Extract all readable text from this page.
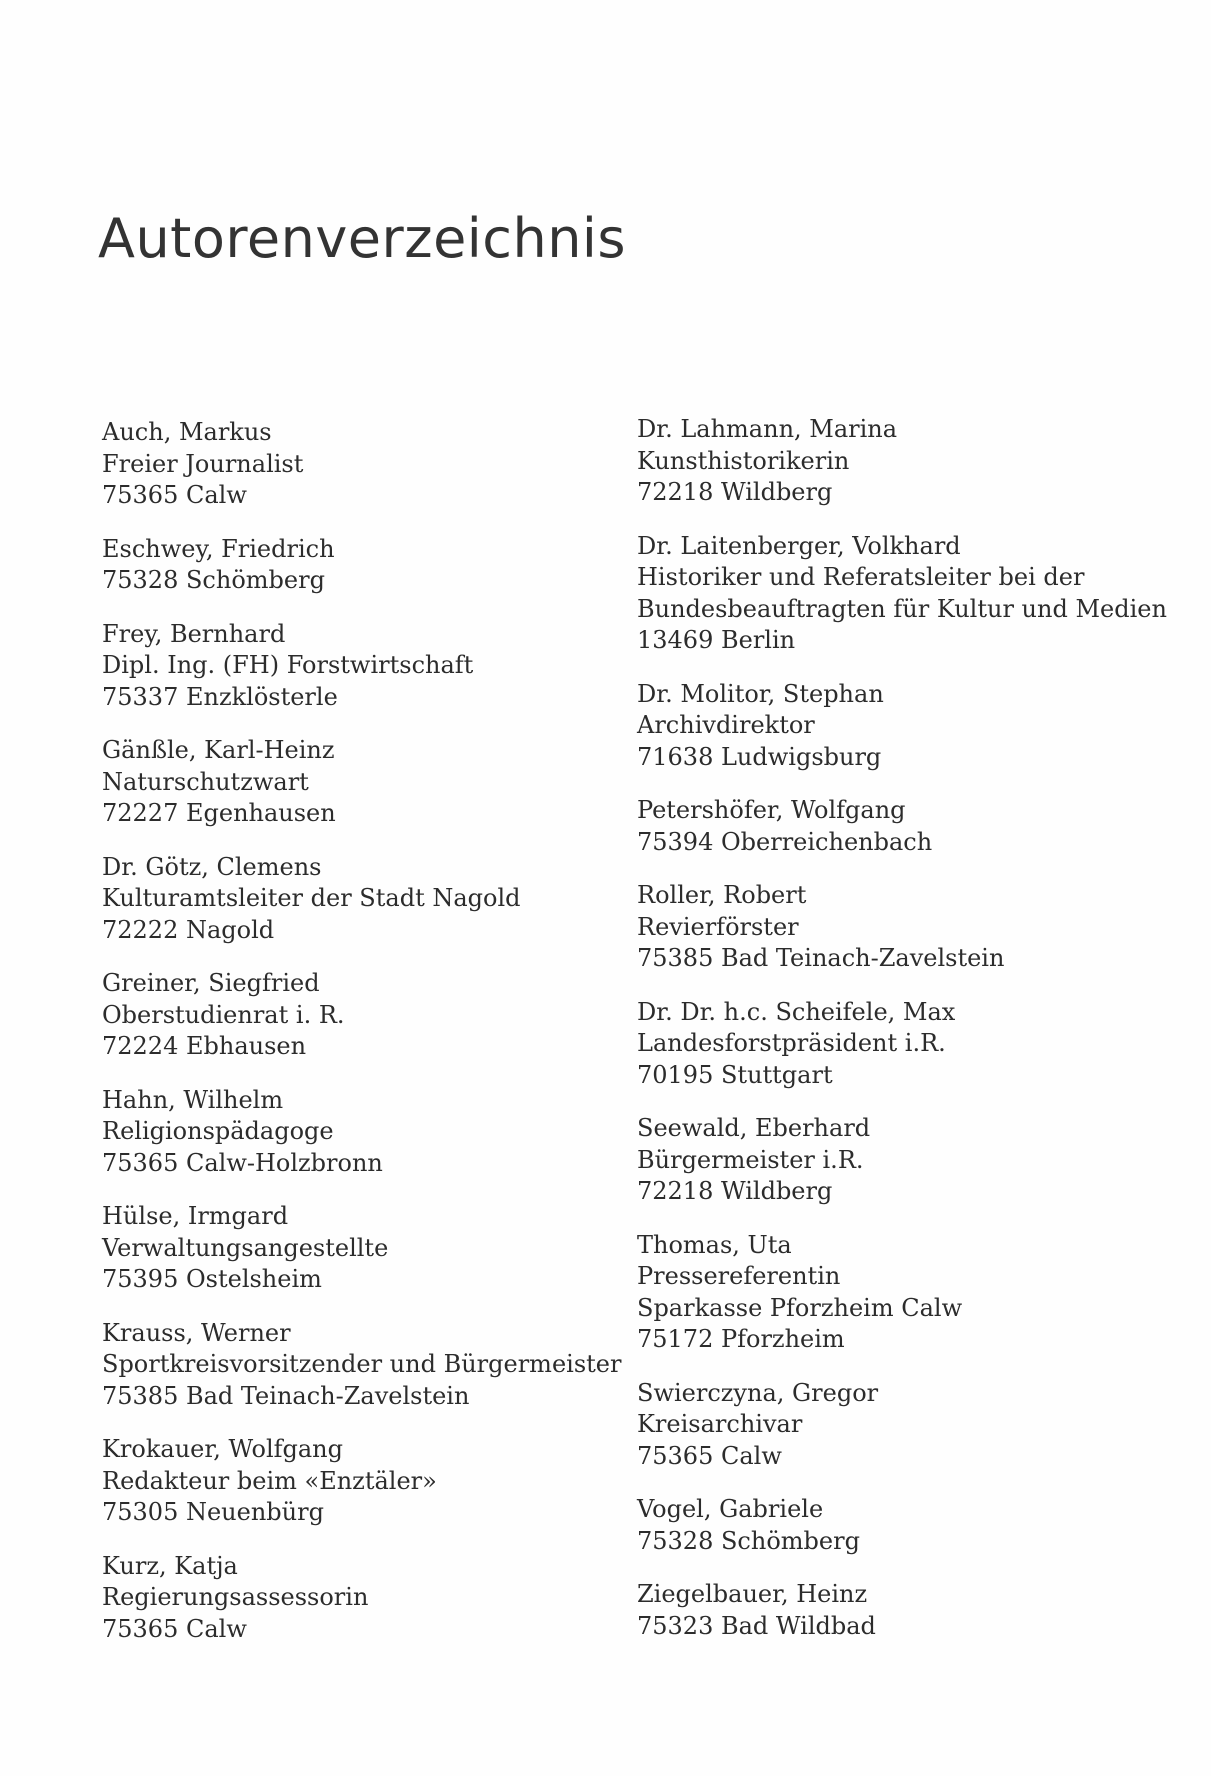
Autorenverzeichnis
Auch, Markus
Freier Journalist
75365 Calw
Eschwey, Friedrich
75328 Schömberg
Frey, Bernhard
Dipl. Ing. (FH) Forstwirtschaft
75337 Enzklösterle
Gänßle, Karl-Heinz
Naturschutzwart
72227 Egenhausen
Dr. Götz, Clemens
Kulturamtsleiter der Stadt Nagold
72222 Nagold
Greiner, Siegfried
Oberstudienrat i. R.
72224 Ebhausen
Hahn, Wilhelm
Religionspädagoge
75365 Calw-Holzbronn
Hülse, Irmgard
Verwaltungsangestellte
75395 Ostelsheim
Krauss, Werner
Sportkreisvorsitzender und Bürgermeister
75385 Bad Teinach-Zavelstein
Krokauer, Wolfgang
Redakteur beim «Enztäler»
75305 Neuenbürg
Kurz, Katja
Regierungsassessorin
75365 Calw
Dr. Lahmann, Marina
Kunsthistorikerin
72218 Wildberg
Dr. Laitenberger, Volkhard
Historiker und Referatsleiter bei der
Bundesbeauftragten für Kultur und Medien
13469 Berlin
Dr. Molitor, Stephan
Archivdirektor
71638 Ludwigsburg
Petershöfer, Wolfgang
75394 Oberreichenbach
Roller, Robert
Revierförster
75385 Bad Teinach-Zavelstein
Dr. Dr. h.c. Scheifele, Max
Landesforstpräsident i.R.
70195 Stuttgart
Seewald, Eberhard
Bürgermeister i.R.
72218 Wildberg
Thomas, Uta
Pressereferentin
Sparkasse Pforzheim Calw
75172 Pforzheim
Swierczyna, Gregor
Kreisarchivar
75365 Calw
Vogel, Gabriele
75328 Schömberg
Ziegelbauer, Heinz
75323 Bad Wildbad
